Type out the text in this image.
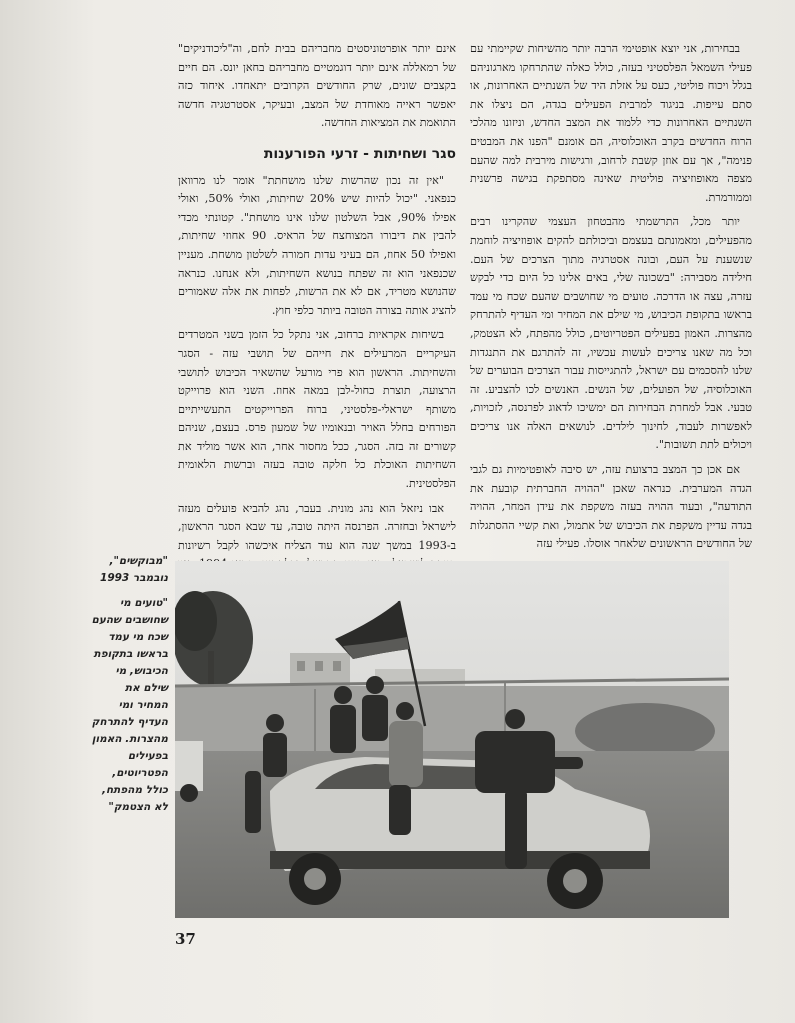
בבחירות, אני יוצא אופטימי הרבה יותר מהשיחות שקיימתי עם פעילי השמאל הפלסטיני בעזה, כולל כאלה שהתרחקו מארגוניהם בגלל ויכוח פוליטי, כעס על אזלת היד של השנתיים האחרונות, או סתם עייפות. בניגוד למרבית הפעילים בגדה, הם ניצלו את השנתיים האחרונות כדי ללמוד את המצב החדש, וניזונו מהלכי הרוח החדשים בקרב האוכלוסיה, הם אומנם "הפנו את המבטים פנימה", אך עם אוזן קשבת לרחוב, ורגישות מירבית למה שהעם מצפה מאופוזיציה פוליטית שאינה מסתפקת בגישה פרשנית וממורמרת.

יותר מכל, התרשמתי מהבטחון העצמי שהקרינו רבים מהפעילים, ומאמונתם בעצמם וביכולתם להקים אופוזיציה לוחמת שנשענת על העם, ובונה אסטרגיה מתוך הצרכים של העם. חילידה מסבירה: "בשכונה שלי, באים אלינו כל היום כדי לבקש עזרה, עצה או הדרכה. טועים מי שחושבים שהעם שכח מי עמד בראשו בתקופת הכיבוש, מי שילם את המחיר ומי העדיף להתרחק מהצרות. האמון בפעילים הפטריוטים, כולל מהפתח, לא הצטמק, וכל מה שאנו צריכים לעשות עכשיו, זה להתרגם את התנגדות שלנו להסכמים עם ישראל, להתגייסות עבור הצרכים הבוערים של האוכלוסיה, של הפועלים, של הנשים. האנשים לכו להצביע. זה טבעי. אבל למחרת הבחירות הם ימשיכו לדאוג לפרנסה, לזכויות, לאפשרות לעבוד, לחינוך לילדים. לנושאים האלה אנו צריכים ויכולים לתת תשובות".

אם אכן כך המצב ברצועת עזה, יש סיבה לאופטימיות גם לגבי הגדה המערבית. כנראה שאכן "ההויה החברתית קובעת את התודעה", ובעוד ההויה בעזה משקפת את עידן המחר, ההויה בגדה עדיין משקפת את הכיבוש של אתמול, ואת קשיי ההסתגלות של החודשים הראשונים שלאחר אוסלו. פעילי עזה

אינם יותר אופרטוניסטים מחבריהם בבית לחם, וה"ליכודניקים" של רמאללה אינם יותר דוגמטיים מחבריהם בחאן יונס. הם חיים בקצבים שונים, שרק החודשים הקרובים יתאחדו. איחוד כזה יאפשר ראייה מאוחדת של המצב, ובעיקר, אסטרטגיה חדשה התואמת את המציאות החדשה.

סגר ושחיתות - זרעי הפורענות

"אין זה נכון שהרשות שלנו מושחתת" אומר לנו מרוואן כנפאני. "יכול להיות שיש 20% שחיתות, ואולי 50%, ואולי אפילו 90%, אבל השלטון שלנו אינו מושחת". קטונתי מכדי להבין את דיבורו המצוחצח של הראיס. 90 אחוזי שחיתות, ואפילו 50 אחוז, הם בעיני עדות חמורה לשלטון מושחת. מעניין שכנפאני הוא זה שפתח בנושא השחיתות, ולא אנחנו. כנראה שהנושא מטריד, אם לא את הרשות, לפחות את אלה שאמורים להציג אותה בצורה הטובה ביותר כלפי חוץ.

בשיחות אקראיות ברחוב, אני נתקל כל הזמן בשני המטרדים העיקריים המרעילים את חייהם של תושבי עזה - הסגר והשחיתות. הראשון הוא פרי מורעל שהשאיר הכיבוש לתושבי הרצועה, תוצרת כחול-לבן במאה אחוז. השני הוא פרוייקט משותף ישראלי-פלסטיני, ברוח הפרוייקטים התעשייתיים הפורחים בחלל האויר ובנאומיו של שמעון פרס. בעצם, שניהם קשורים זה בזה. הסגר, ככל מחסור אחר, הוא אשר מוליד את השחיתות האוכלת כל חלקה טובה בעזה וברשות הלאומית הפלסטינית.

אבו ניזאל הוא נהג מונית. בעבר, נהג להביא פועלים מעזה לישראל ובחזרה. הפרנסה היתה טובה, עד שבא הסגר הראשון, ב-1993 במשך שנה הוא עוד הצליח איכשהו לקבל רשיונות

"מבוקשים", נובמבר 1993
"טועים מי שחושבים שהעם שכח מי עמד בראשו בתקופת הכיבוש, מי שילם את המחיר ומי העדיף להתרחק מהצרות. האמון בפעילים הפטריוטים, כולל מהפתח, לא הצטמק"
37
